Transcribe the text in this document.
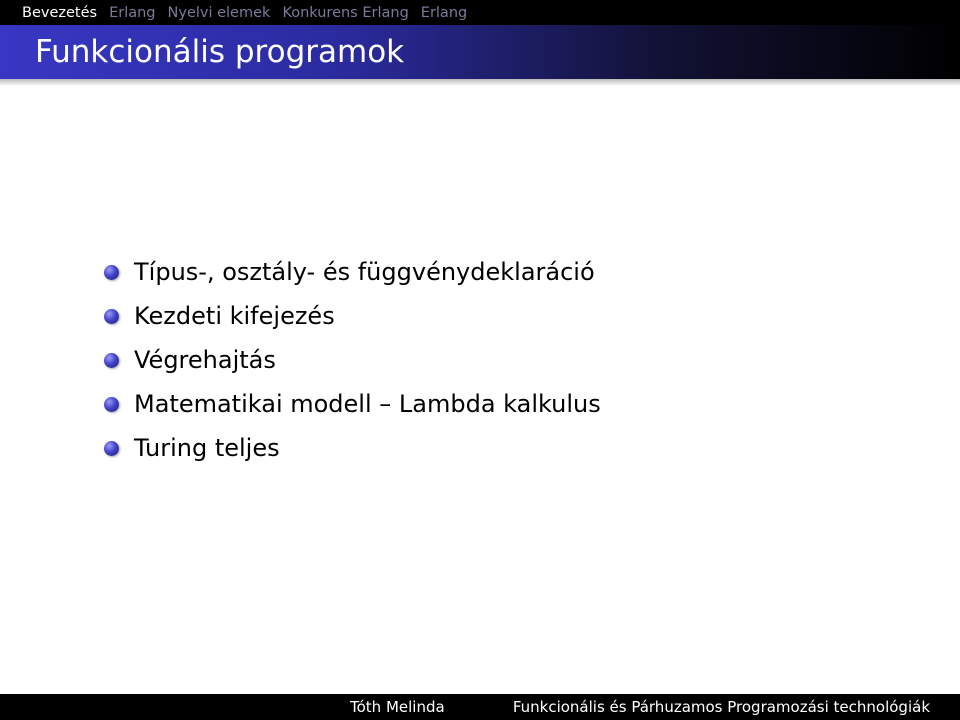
Bevezetés Erlang Nyelvi elemek Konkurens Erlang Erlang
Funkcionális programok
Típus-, osztály- és függvénydeklaráció
Kezdeti kifejezés
Végrehajtás
Matematikai modell – Lambda kalkulus
Turing teljes
Tóth Melinda	Funkcionális és Párhuzamos Programozási technológiák
